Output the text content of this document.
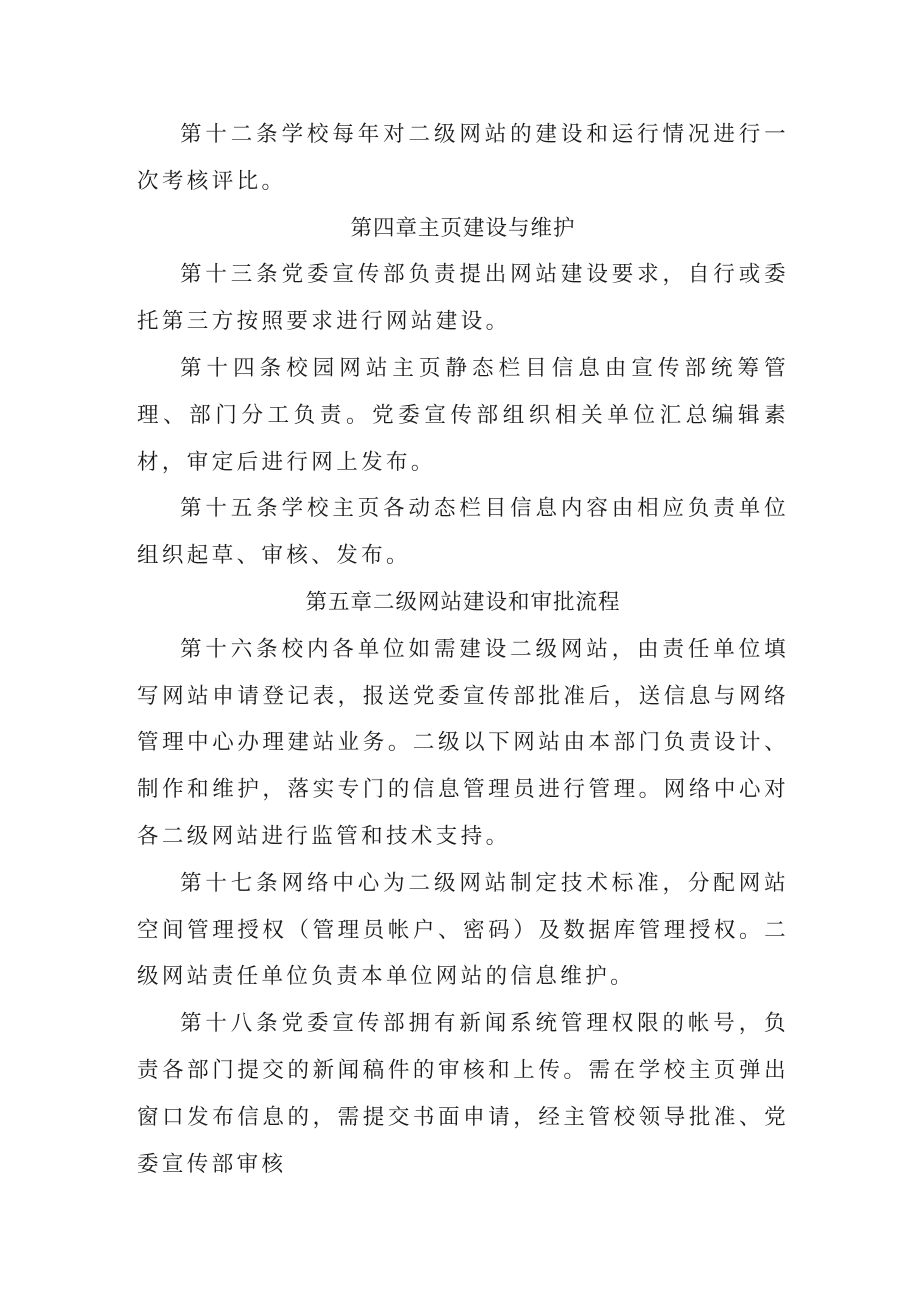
第十二条学校每年对二级网站的建设和运行情况进行一次考核评比。

第四章主页建设与维护

第十三条党委宣传部负责提出网站建设要求，自行或委托第三方按照要求进行网站建设。

第十四条校园网站主页静态栏目信息由宣传部统筹管理、部门分工负责。党委宣传部组织相关单位汇总编辑素材，审定后进行网上发布。

第十五条学校主页各动态栏目信息内容由相应负责单位组织起草、审核、发布。

第五章二级网站建设和审批流程

第十六条校内各单位如需建设二级网站，由责任单位填写网站申请登记表，报送党委宣传部批准后，送信息与网络管理中心办理建站业务。二级以下网站由本部门负责设计、制作和维护，落实专门的信息管理员进行管理。网络中心对各二级网站进行监管和技术支持。

第十七条网络中心为二级网站制定技术标准，分配网站空间管理授权（管理员帐户、密码）及数据库管理授权。二级网站责任单位负责本单位网站的信息维护。

第十八条党委宣传部拥有新闻系统管理权限的帐号，负责各部门提交的新闻稿件的审核和上传。需在学校主页弹出窗口发布信息的，需提交书面申请，经主管校领导批准、党委宣传部审核
